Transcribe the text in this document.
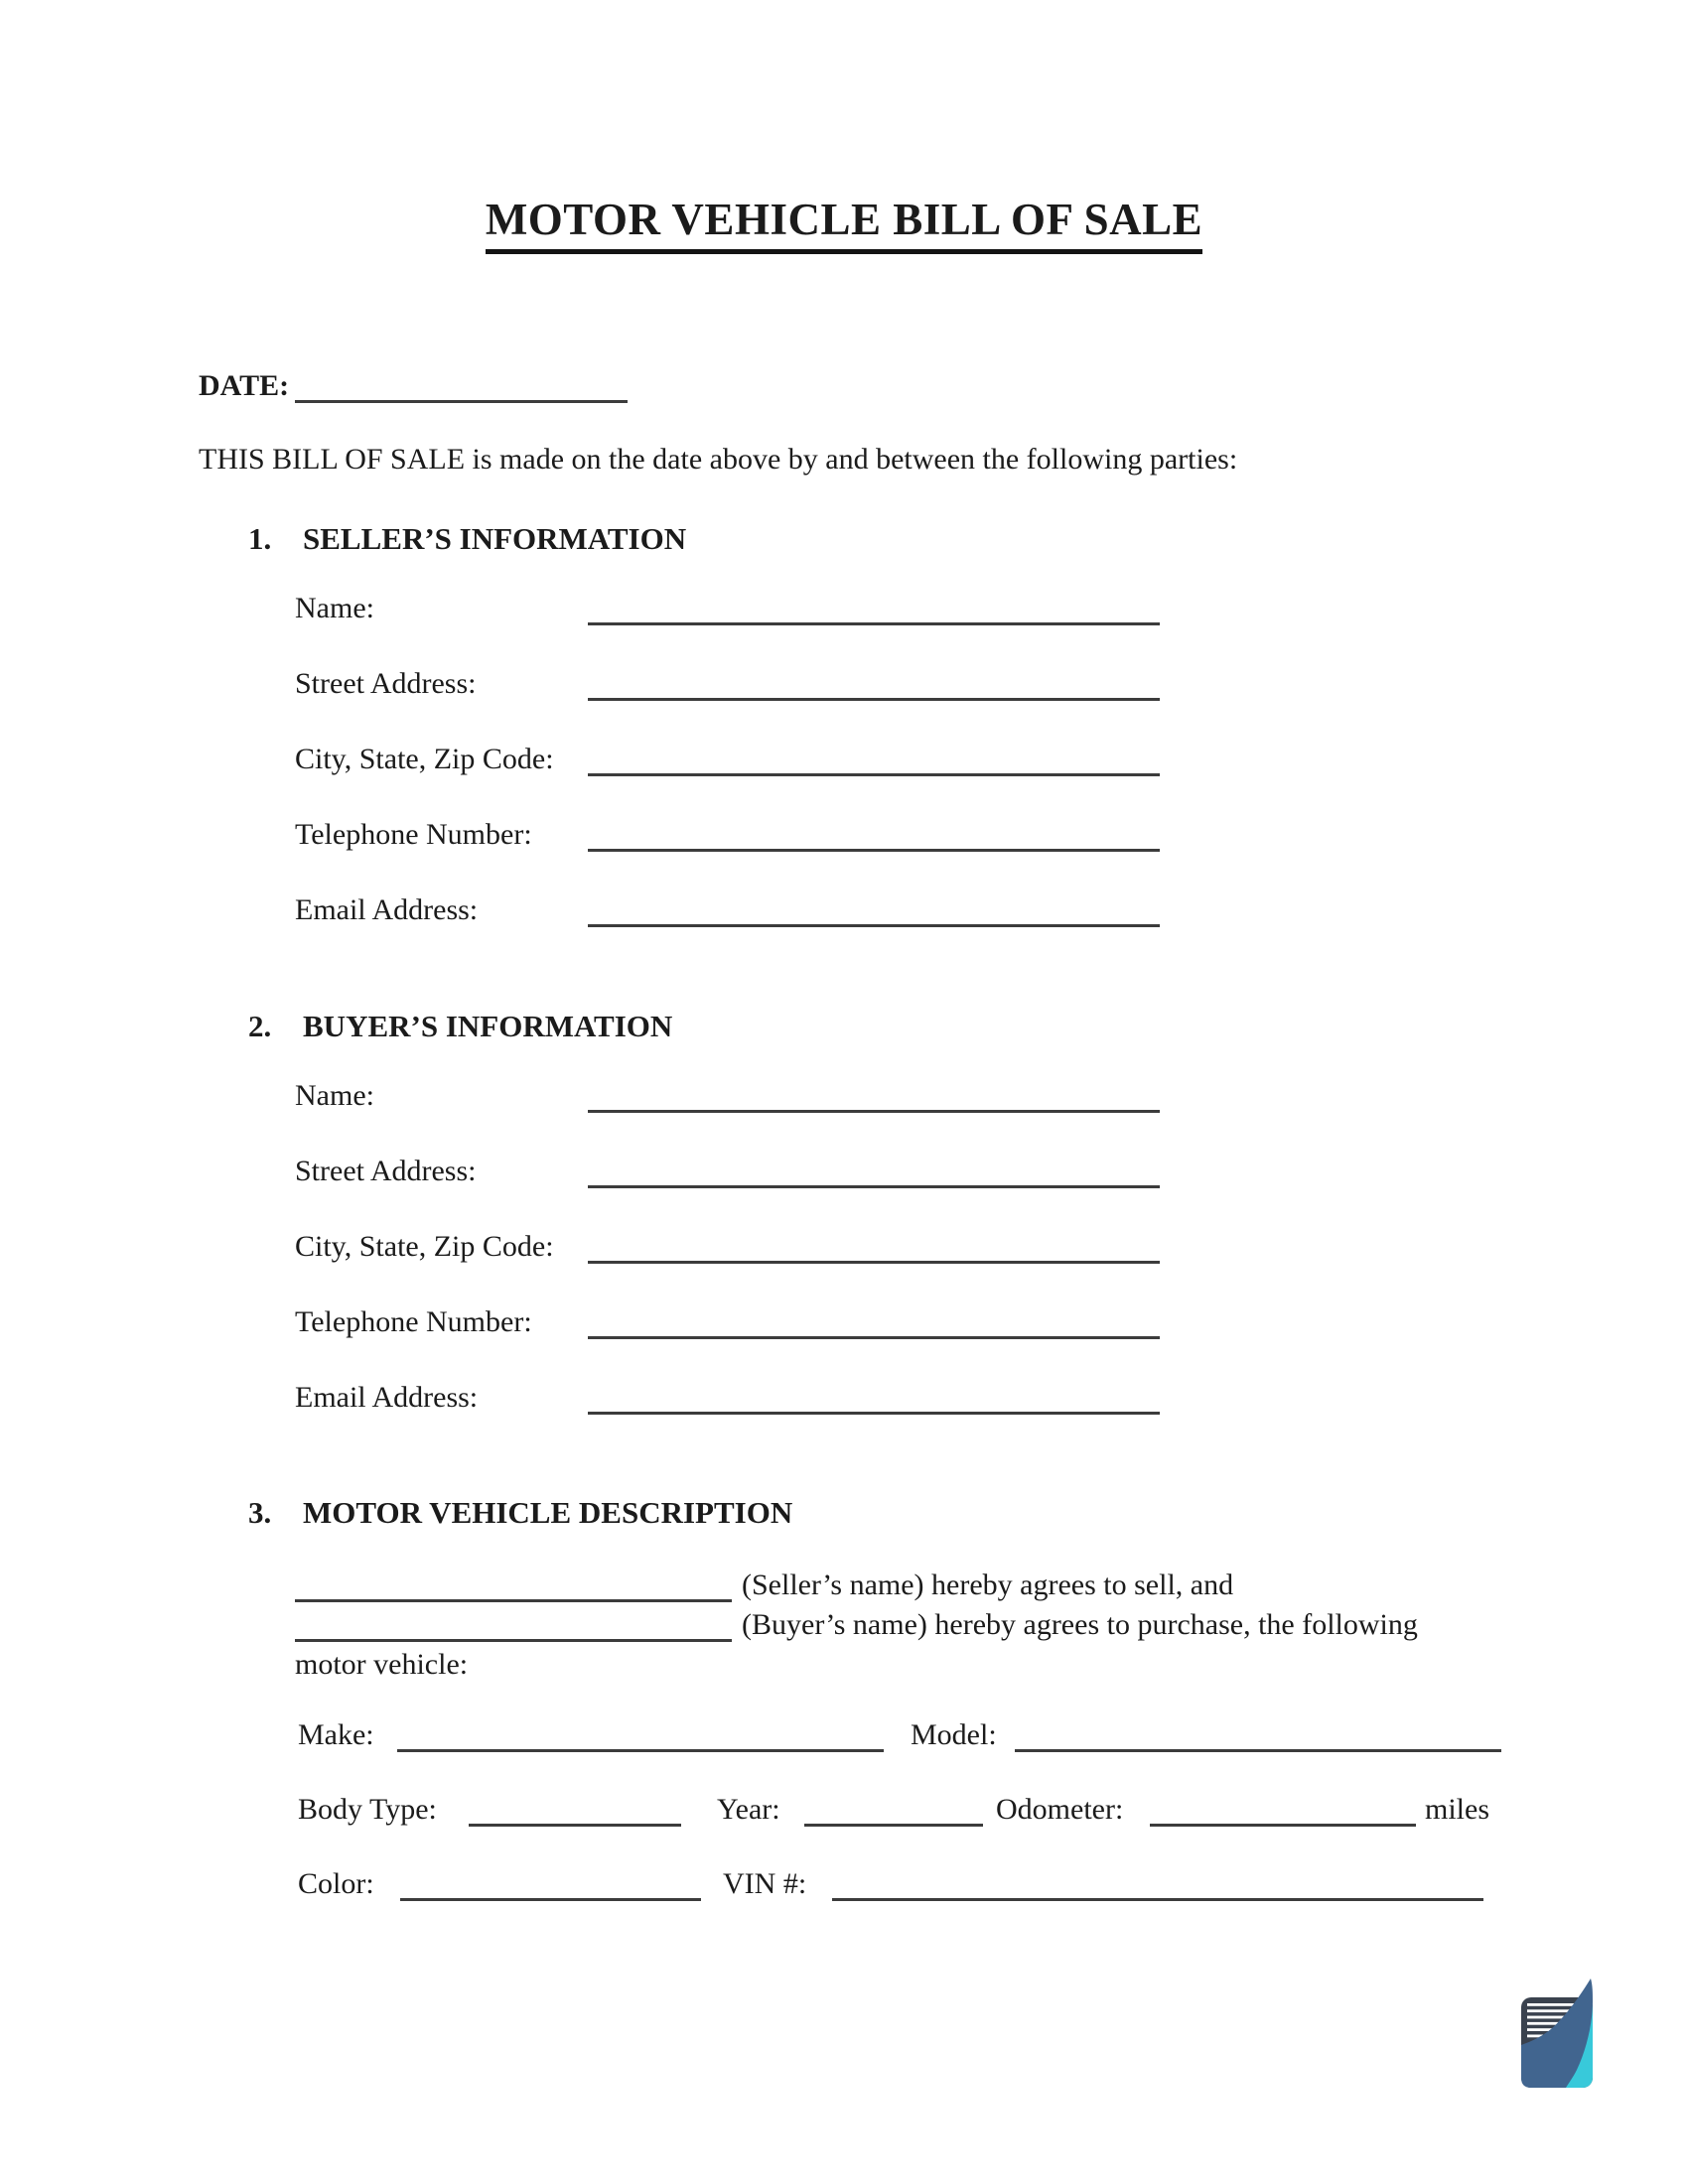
MOTOR VEHICLE BILL OF SALE
DATE:

THIS BILL OF SALE is made on the date above by and between the following parties:

1. SELLER’S INFORMATION
Name:
Street Address:
City, State, Zip Code:
Telephone Number:
Email Address:
2. BUYER’S INFORMATION
Name:
Street Address:
City, State, Zip Code:
Telephone Number:
Email Address:
3. MOTOR VEHICLE DESCRIPTION
(Seller’s name) hereby agrees to sell, and
(Buyer’s name) hereby agrees to purchase, the following
motor vehicle:
Make:	Model:
Body Type:	Year:	Odometer:	miles
Color:	VIN #:
